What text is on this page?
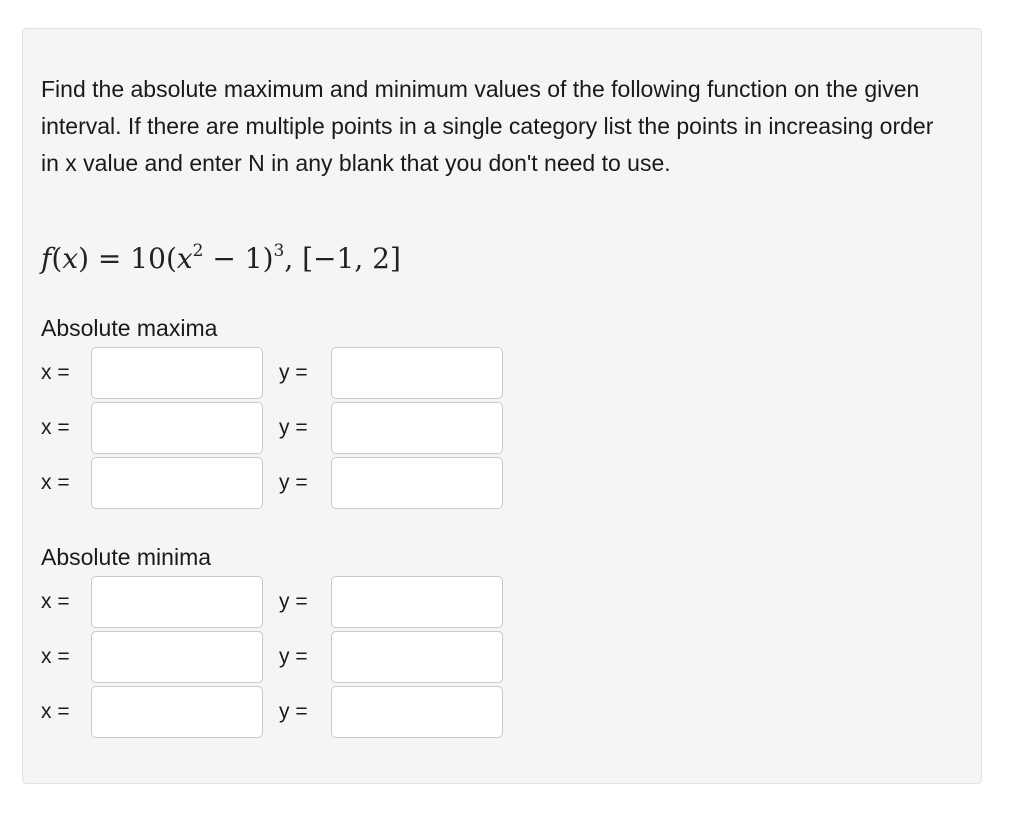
Find the absolute maximum and minimum values of the following function on the given interval. If there are multiple points in a single category list the points in increasing order in x value and enter N in any blank that you don't need to use.

$f(x) = 10(x^2 - 1)^3$, [−1, 2]
Absolute maxima
x =	y =
x =	y =
x =	y =
Absolute minima
x =	y =
x =	y =
x =	y =
